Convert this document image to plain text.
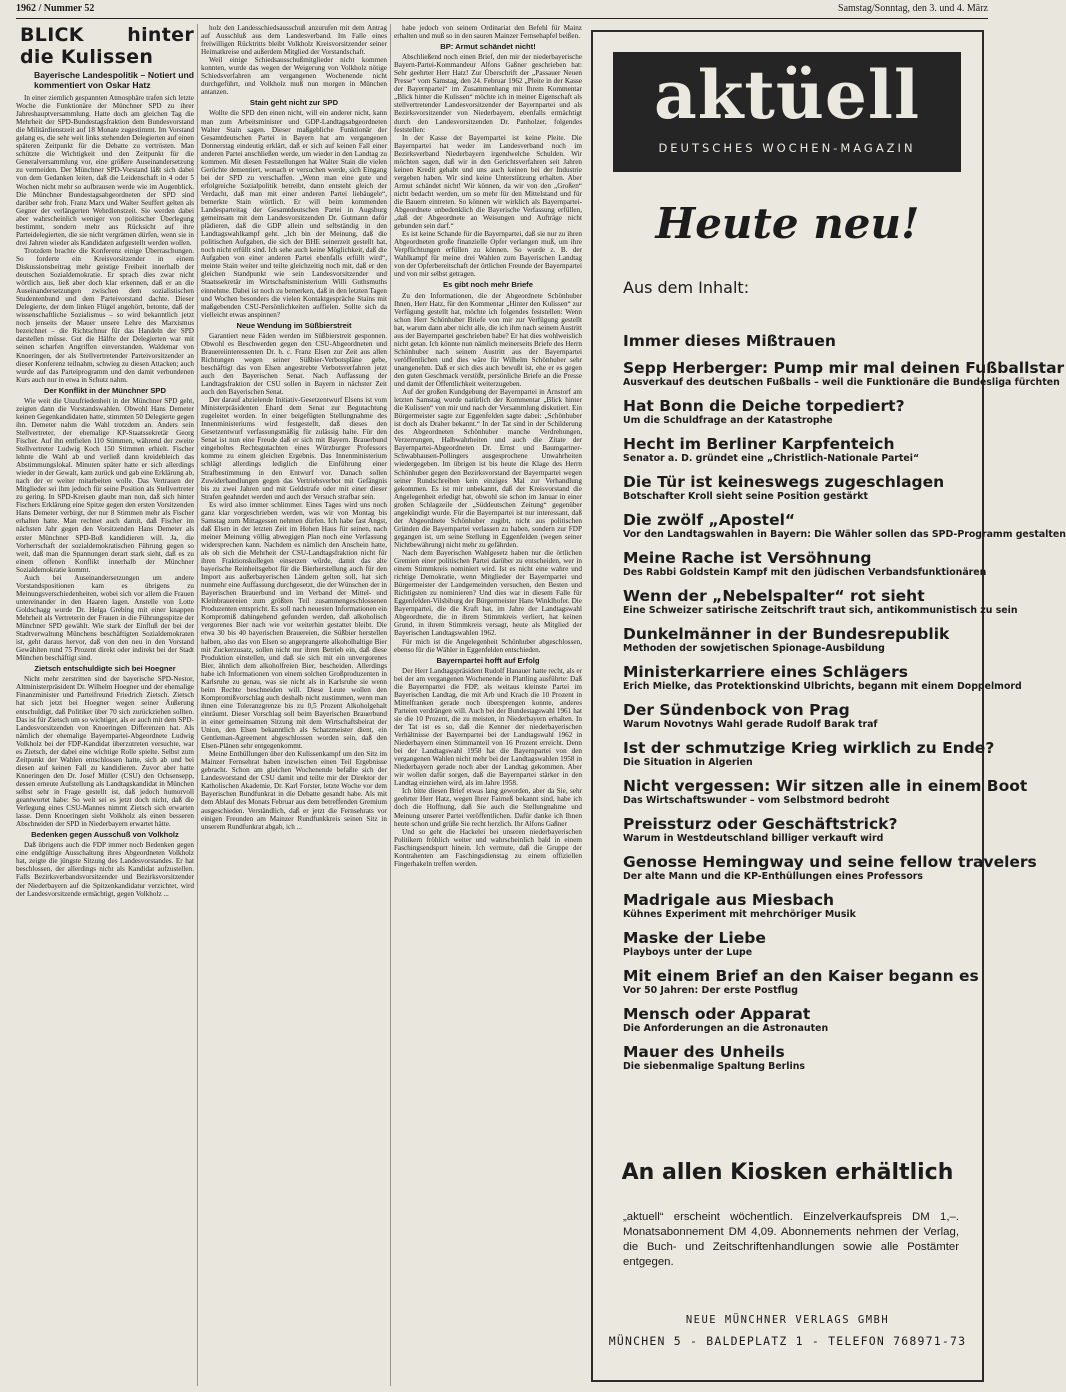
1962 / Nummer 52	Samstag/Sonntag, den 3. und 4. März
BLICK hinter die Kulissen
Bayerische Landespolitik – Notiert und kommentiert von Oskar Hatz

In einer ziemlich gespannten Atmosphäre trafen sich letzte Woche die Funktionäre der Münchner SPD zu ihrer Jahreshauptversammlung. Hatte doch am gleichen Tag die Mehrheit der SPD-Bundestagsfraktion dem Bundesvorstand die Militärdienstzeit auf 18 Monate zugestimmt. Im Vorstand gelang es, die sehr weit links stehenden Delegierten auf einen späteren Zeitpunkt für die Debatte zu vertrösten. Man schützte die Wichtigkeit und den Zeitpunkt für die Generalversammlung vor, eine größere Auseinandersetzung zu vermeiden. Der Münchner SPD-Vorstand läßt sich dabei von dem Gedanken leiten, daß die Leidenschaft in 4 oder 5 Wochen nicht mehr so aufbrausen werde wie im Augenblick. Die Münchner Bundestagsabgeordneten der SPD sind darüber sehr froh. Franz Marx und Walter Seuffert gelten als Gegner der verlängerten Wehrdienstzeit. Sie werden dabei aber wahrscheinlich weniger von politischer Überlegung bestimmt, sondern mehr aus Rücksicht auf ihre Parteidelegierten, die sie nicht vergrämen dürfen, wenn sie in drei Jahren wieder als Kandidaten aufgestellt werden wollen.

Trotzdem brachte die Konferenz einige Überraschungen. So forderte ein Kreisvorsitzender in einem Diskussionsbeitrag mehr geistige Freiheit innerhalb der deutschen Sozialdemokratie. Er sprach dies zwar nicht wörtlich aus, ließ aber doch klar erkennen, daß er an die Auseinandersetzungen zwischen dem sozialistischen Studentenbund und dem Parteivorstand dachte. Dieser Delegierte, der dem linken Flügel angehört, betonte, daß der wissenschaftliche Sozialismus – so wird bekanntlich jetzt noch jenseits der Mauer unsere Lehre des Marxismus bezeichnet – die Richtschnur für das Handeln der SPD darstellen müsse. Gut die Hälfte der Delegierten war mit seinen scharfen Angriffen einverstanden. Waldemar von Knoeringen, der als Stellvertretender Parteivorsitzender an dieser Konferenz teilnahm, schwieg zu diesen Attacken; auch wurde auf das Parteiprogramm und den damit verbundenen Kurs auch nur in etwa in Schutz nahm.

Der Konflikt in der Münchner SPD

Wie weit die Unzufriedenheit in der Münchner SPD geht, zeigten dann die Vorstandswahlen. Obwohl Hans Demeter keinen Gegenkandidaten hatte, stimmten 50 Delegierte gegen ihn. Demeter nahm die Wahl trotzdem an. Anders sein Stellvertreter, der ehemalige KP-Staatssekretär Georg Fischer. Auf ihn entfielen 110 Stimmen, während der zweite Stellvertreter Ludwig Koch 150 Stimmen erhielt. Fischer lehnte die Wahl ab und verließ dann kreidebleich das Abstimmungslokal. Minuten später hatte er sich allerdings wieder in der Gewalt, kam zurück und gab eine Erklärung ab, nach der er weiter mitarbeiten wolle. Das Vertrauen der Mitglieder sei ihm jedoch für seine Position als Stellvertreter zu gering. In SPD-Kreisen glaubt man nun, daß sich hinter Fischers Erklärung eine Spitze gegen den ersten Vorsitzenden Hans Demeter verbirgt, der nur 8 Stimmen mehr als Fischer erhalten hatte. Man rechnet auch damit, daß Fischer im nächsten Jahr gegen den Vorsitzenden Hans Demeter als erster Münchner SPD-Boß kandidieren will. Ja, die Vorherrschaft der sozialdemokratischen Führung gegen so weit, daß man die Spannungen derart stark sieht, daß es zu einem offenen Konflikt innerhalb der Münchner Sozialdemokratie kommt.

Auch bei Auseinandersetzungen um andere Vorstandspositionen kam es übrigens zu Meinungsverschiedenheiten, wobei sich vor allem die Frauen untereinander in den Haaren lagen. Anstelle von Lotte Goldschagg wurde Dr. Helga Grebing mit einer knappen Mehrheit als Vertreterin der Frauen in die Führungsspitze der Münchner SPD gewählt. Wie stark der Einfluß der bei der Stadtverwaltung Münchens beschäftigten Sozialdemokraten ist, geht daraus hervor, daß von den neu in den Vorstand Gewählten rund 75 Prozent direkt oder indirekt bei der Stadt München beschäftigt sind.

Zietsch entschuldigte sich bei Hoegner

Nicht mehr zerstritten sind der bayerische SPD-Nestor, Altministerpräsident Dr. Wilhelm Hoegner und der ehemalige Finanzminister und Parteifreund Friedrich Zietsch. Zietsch hat sich jetzt bei Hoegner wegen seiner Äußerung entschuldigt, daß Politiker über 70 sich zurückziehen sollten. Das ist für Zietsch um so wichtiger, als er auch mit dem SPD-Landesvorsitzenden von Knoeringen Differenzen hat. Als nämlich der ehemalige Bayernpartei-Abgeordnete Ludwig Volkholz bei der FDP-Kandidat überzutreten versuchte, war es Zietsch, der dabei eine wichtige Rolle spielte. Selbst zum Zeitpunkt der Wahlen entschlossen hatte, sich ab und bei diesen auf keinen Fall zu kandidieren. Zuvor aber hatte Knoeringen den Dr. Josef Müller (CSU) den Ochsensepp, dessen erneute Aufstellung als Landtagskandidat in München selbst sehr in Frage gestellt ist, daß jedoch humorvoll geantwortet habe: So weit sei es jetzt doch nicht, daß die Verlegung eines CSU-Mannes nimmt Zietsch sich erwarten lasse. Denn Knoeringen sieht Volkholz als einen besseren Abschneiden der SPD in Niederbayern erwartet hätte.

Bedenken gegen Ausschuß von Volkholz

Daß übrigens auch die FDP immer noch Bedenken gegen eine endgültige Ausschaltung ihres Abgeordneten Volkholz hat, zeigte die jüngste Sitzung des Landesvorstandes. Er hat beschlossen, der allerdings nicht als Kandidat aufzustellen. Falls Bezirksverbandsvorsitzender und Bezirksvorsitzender der Niederbayern auf die Spitzenkandidatur verzichtet, wird der Landesvorsitzende ermächtigt, gegen Volkholz ...

holz den Landesschiedsausschuß anzurufen mit dem Antrag auf Ausschluß aus dem Landesverband. Im Falle eines freiwilligen Rücktritts bleibt Volkholz Kreisvorsitzender seiner Heimatkreise und außerdem Mitglied der Vorstandschaft.

Weil einige Schiedsausschußmitglieder nicht kommen konnten, wurde das wegen der Weigerung von Volkholz nötige Schiedsverfahren am vergangenen Wochenende nicht durchgeführt, und Volkholz muß nun morgen in München antanzen.

Stain geht nicht zur SPD

Wollte die SPD den einen nicht, will ein anderer nicht, kann man zum Arbeitsminister und GDP-Landtagsabgeordneten Walter Stain sagen. Dieser maßgebliche Funktionär der Gesamtdeutschen Partei in Bayern hat am vergangenen Donnerstag eindeutig erklärt, daß er sich auf keinen Fall einer anderen Partei anschließen werde, um wieder in den Landtag zu kommen. Mit diesen Feststellungen hat Walter Stain die vielen Gerüchte dementiert, wonach er versuchen werde, sich Eingang bei der SPD zu verschaffen. „Wenn man eine gute und erfolgreiche Sozialpolitik betreibt, dann entsteht gleich der Verdacht, daß man mit einer anderen Partei liebäugele“, bemerkte Stain wörtlich. Er will beim kommenden Landesparteitag der Gesamtdeutschen Partei in Augsburg gemeinsam mit dem Landesvorsitzenden Dr. Gutmann dafür plädieren, daß die GDP allein und selbständig in den Landtagswahlkampf geht. „Ich bin der Meinung, daß die politischen Aufgaben, die sich der BHE seinerzeit gestellt hat, noch nicht erfüllt sind. Ich sehe auch keine Möglichkeit, daß die Aufgaben von einer anderen Partei ebenfalls erfüllt wird“, meinte Stain weiter und teilte gleichzeitig noch mit, daß er den gleichen Standpunkt wie sein Landesvorsitzender und Staatssekretär im Wirtschaftsministerium Willi Guthsmuths einnehme. Dabei ist noch zu bemerken, daß in den letzten Tagen und Wochen besonders die vielen Kontaktgespräche Stains mit maßgebenden CSU-Persönlichkeiten auffielen. Sollte sich da vielleicht etwas anspinnen?

Neue Wendung im Süßbierstreit

Garantiert neue Fäden werden im Süßbierstreit gesponnen. Obwohl es Beschwerden gegen den CSU-Abgeordneten und Brauereiinteressenten Dr. h. c. Franz Elsen zur Zeit aus allen Richtungen wegen seiner Süßbier-Verbotspläne gebe, beschäftigt das von Elsen angestrebte Verbotsverfahren jetzt auch den Bayerischen Senat. Nach Auffassung der Landtagsfraktion der CSU sollen in Bayern in nächster Zeit auch den Bayerischen Senat.

Der darauf abzielende Initiativ-Gesetzentwurf Elsens ist vom Ministerpräsidenten Ehard dem Senat zur Begutachtung zugeleitet worden. In einer beigefügten Stellungnahme des Innenministeriums wird festgestellt, daß dieses den Gesetzentwurf verfassungsmäßig für zulässig halte. Für den Senat ist nun eine Freude daß er sich mit Bayern. Brauerbund eingeholtes Rechtsgutachten eines Würzburger Professors komme zu einem gleichen Ergebnis. Das Innenministerium schlägt allerdings lediglich die Einführung einer Strafbestimmung in den Entwurf vor. Danach sollen Zuwiderhandlungen gegen das Vertriebsverbot mit Gefängnis bis zu zwei Jahren und mit Geldstrafe oder mit einer dieser Strafen geahndet werden und auch der Versuch strafbar sein.

Es wird also immer schlimmer. Eines Tages wird uns noch ganz klar vorgeschrieben werden, was wir von Montag bis Samstag zum Mittagessen nehmen dürfen. Ich habe fast Angst, daß Elsen in der letzten Zeit im Hohen Haus für seinen, nach meiner Meinung völlig abwegigen Plan noch eine Verfassung widersprechen kann. Nachdem es nämlich den Anschein hatte, als ob sich die Mehrheit der CSU-Landtagsfraktion nicht für ihren Fraktionskollegen einsetzen würde, damit das alte bayerische Reinheitsgebot für die Bierherstellung auch für den Import aus außerbayerischen Ländern gelten soll, hat sich nunmehr eine Auffassung durchgesetzt, die der Wünschen der in Bayerischen Brauerbund und im Verband der Mittel- und Kleinbrauereien zum größten Teil zusammengeschlossenen Produzenten entspricht. Es soll nach neuesten Informationen ein Kompromiß dahingehend gefunden werden, daß alkoholisch vergorenes Bier nach wie vor weiterhin gestattet bleibt. Die etwa 30 bis 40 bayerischen Brauereien, die Süßbier herstellen halben, also das von Elsen so angeprangerte alkoholhaltige Bier mit Zuckerzusatz, sollen nicht nur ihren Betrieb ein, daß diese Produktion einstellen, und daß sie sich mit ein unvergorenes Bier, ähnlich dem alkoholfreien Bier, bescheiden. Allerdings habe ich Informationen von einem solchen Großproduzenten in Karlsruhe zu genau, was sie nicht als in Karlsruhe sie wenn beim Rechte beschneiden will. Diese Leute wollen den Kompromißvorschlag auch deshalb nicht zustimmen, wenn man ihnen eine Toleranzgrenze bis zu 0,5 Prozent Alkoholgehalt einräumt. Dieser Vorschlag soll beim Bayerischen Brauerbund in einer gemeinsamen Sitzung mit dem Wirtschaftsbeirat der Union, den Elsen bekanntlich als Schatzmeister dient, ein Gentleman-Agreement abgeschlossen worden sein, daß den Elsen-Plänen sehr entgegenkommt.

Meine Enthüllungen über den Kulissenkampf um den Sitz im Mainzer Fernsehrat haben inzwischen einen Teil Ergebnisse gebracht. Schon am gleichen Wochenende befaßte sich der Landesvorstand der CSU damit und teilte mir der Direktor der Katholischen Akademie, Dr. Karl Forster, letzte Woche vor dem Bayerischen Rundfunkrat in die Debatte gesandt habe. Als mit dem Ablauf des Monats Februar aus dem betreffenden Gremium ausgeschieden. Verständlich, daß er jetzt die Fernsehrats vor einigen Freunden am Mainzer Rundfunkkreis seinen Sitz in unserem Rundfunkrat abgab, ich ...

habe jedoch von seinem Ordinariat den Befehl für Mainz erhalten und muß so in den sauren Mainzer Fernsehapfel beißen.

BP: Armut schändet nicht!

Abschließend noch einen Brief, den mir der niederbayerische Bayern-Partei-Kommandeur Alfons Gaßner geschrieben hat: Sehr geehrter Herr Hatz! Zur Überschrift der „Passauer Neuen Presse“ vom Samstag, den 24. Februar 1962 „Pleite in der Kasse der Bayernpartei“ im Zusammenhang mit Ihrem Kommentar „Blick hinter die Kulissen“ möchte ich in meiner Eigenschaft als stellvertretender Landesvorsitzender der Bayernpartei und als Bezirksvorsitzender von Niederbayern, ebenfalls ermächtigt durch den Landesvorsitzenden Dr. Panholzer, folgendes feststellen:

In der Kasse der Bayernpartei ist keine Pleite. Die Bayernpartei hat weder im Landesverband noch im Bezirksverband Niederbayern irgendwelche Schulden. Wir möchten sagen, daß wir in den Gerichtsverfahren seit Jahren keinen Kredit gehabt und uns auch keinen bei der Industrie vergeben haben. Wir sind keine Unterstützung erhalten. Aber Armut schändet nicht! Wir können, da wir von den „Großen“ nicht bedacht werden, um so mehr für den Mittelstand und für die Bauern eintreten. So können wir wirklich als Bayernpartei-Abgeordnete unbedenklich die Bayerische Verfassung erfüllen, „daß der Abgeordnete an Weisungen und Aufträge nicht gebunden sein darf.“

Es ist keine Schande für die Bayernpartei, daß sie nur zu ihren Abgeordneten große finanzielle Opfer verlangen muß, um ihre Verpflichtungen erfüllen zu können. So wurde z. B. der Wahlkampf für meine drei Wahlen zum Bayerischen Landtag von der Opferbereitschaft der örtlichen Freunde der Bayernpartei und von mir selbst getragen.

Es gibt noch mehr Briefe

Zu den Informationen, die der Abgeordnete Schönhuber Ihnen, Herr Hatz, für den Kommentar „Hinter den Kulissen“ zur Verfügung gestellt hat, möchte ich folgendes feststellen: Wenn schon Herr Schönhuber Briefe von mir zur Verfügung gestellt hat, warum dann aber nicht alle, die ich ihm nach seinem Austritt aus der Bayernpartei geschrieben habe? Er hat dies wohlweislich nicht getan. Ich könnte nun nämlich meinerseits Briefe des Herrn Schönhuber nach seinem Austritt aus der Bayernpartei veröffentlichen und dies wäre für Wilhelm Schönhuber sehr unangenehm. Daß er sich dies auch bewußt ist, ehe er es gegen den guten Geschmack verstößt, persönliche Briefe an die Presse und damit der Öffentlichkeit weiterzugeben.

Auf der großen Kundgebung der Bayernpartei in Arnstorf am letzten Samstag wurde natürlich der Kommentar „Blick hinter die Kulissen“ von mir und nach der Versammlung diskutiert. Ein Bürgermeister sagte zur Eggenfelden sagte dabei: „Schönhuber ist doch als Draher bekannt.“ In der Tat sind in der Schilderung des Abgeordneten Schönhuber manche Verdrehungen, Verzerrungen, Halbwahrheiten und auch die Zitate der Bayernpartei-Abgeordneten Dr. Ernst und Baumgartner-Schwabhausen-Pollingers ausgesprochene Unwahrheiten wiedergegeben. Im übrigen ist bis heute die Klage des Herrn Schönhuber gegen den Bezirksvorstand der Bayernpartei wegen seiner Rundschreiben kein einziges Mal zur Verhandlung gekommen. Es ist mir unbekannt, daß der Kreisvorstand die Angelegenheit erledigt hat, obwohl sie schon im Januar in einer großen Schlagzeile der „Süddeutschen Zeitung“ gegenüber angekündigt wurde. Für die Bayernpartei ist nur interessant, daß der Abgeordnete Schönhuber zugibt, nicht aus politischen Gründen die Bayernpartei verlassen zu haben, sondern zur FDP gegangen ist, um seine Stellung in Eggenfelden (wegen seiner Nichtbewährung) nicht mehr zu gefährden.

Nach dem Bayerischen Wahlgesetz haben nur die örtlichen Gremien einer politischen Partei darüber zu entscheiden, wer in einem Stimmkreis nominiert wird. Ist es nicht eine wahre und richtige Demokratie, wenn Mitglieder der Bayernpartei und Bürgermeister der Landgemeinden versuchen, den Besten und Richtigsten zu nominieren? Und dies war in diesem Falle für Eggenfelden-Vilsbiburg der Bürgermeister Hans Winklhofer. Die Bayernpartei, die die Kraft hat, im Jahre der Landtagswahl Abgeordnete, die in ihrem Stimmkreis verliert, hat keinen Grund, in ihrem Stimmkreis versagt, heute als Mitglied der Bayerischen Landtagswahlen 1962.

Für mich ist die Angelegenheit Schönhuber abgeschlossen, ebenso für die Wähler in Eggenfelden entschieden.

Bayernpartei hofft auf Erfolg

Der Herr Landtagspräsident Rudolf Hanauer hatte recht, als er bei der am vergangenen Wochenende in Plattling ausführte: Daß die Bayernpartei die FDP, als weitaus kleinste Partei im Bayerischen Landtag, die mit Arb und Krach die 10 Prozent in Mittelfranken gerade noch übersprengen konnte, anderes Parteien verdrängen will. Auch bei der Bundestagswahl 1961 hat sie die 10 Prozent, die zu meisten, in Niederbayern erhalten. In der Tat ist es so, daß die Kenner der niederbayerischen Verhältnisse der Bayernpartei bei der Landtagswahl 1962 in Niederbayern einen Stimmanteil von 16 Prozent erreicht. Denn bei der Landtagswahl 1958 hat die Bayernpartei von den vergangenen Wahlen nicht mehr bei der Landtagswahlen 1958 in Niederbayern gerade noch aber der Landtag gekommen. Aber wir wollen dafür sorgen, daß die Bayernpartei stärker in den Landtag einziehen wird, als im Jahre 1958.

Ich bitte diesen Brief etwas lang geworden, aber da Sie, sehr geehrter Herr Hatz, wegen Ihrer Fairneß bekannt sind, habe ich doch die Hoffnung, daß Sie auch die Stellungnahme und Meinung unserer Partei veröffentlichen. Dafür danke ich Ihnen heute schon und grüße Sie recht herzlich. Ihr Alfons Gaßner

Und so geht die Hackelei bei unseren niederbayerischen Politikern fröhlich weiter und wahrscheinlich bald in einem Faschingsendspurt hinein. Ich vermute, daß die Gruppe der Kontrahenten am Faschingsdienstag zu einem offiziellen Fingerhakeln treffen werden.

aktüell
DEUTSCHES WOCHEN-MAGAZIN
Heute neu!
Aus dem Inhalt:
Immer dieses Mißtrauen
Sepp Herberger: Pump mir mal deinen Fußballstar
Ausverkauf des deutschen Fußballs – weil die Funktionäre die Bundesliga fürchten
Hat Bonn die Deiche torpediert?
Um die Schuldfrage an der Katastrophe
Hecht im Berliner Karpfenteich
Senator a. D. gründet eine „Christlich-Nationale Partei“
Die Tür ist keineswegs zugeschlagen
Botschafter Kroll sieht seine Position gestärkt
Die zwölf „Apostel“
Vor den Landtagswahlen in Bayern: Die Wähler sollen das SPD-Programm gestalten
Meine Rache ist Versöhnung
Des Rabbi Goldstein Kampf mit den jüdischen Verbandsfunktionären
Wenn der „Nebelspalter“ rot sieht
Eine Schweizer satirische Zeitschrift traut sich, antikommunistisch zu sein
Dunkelmänner in der Bundesrepublik
Methoden der sowjetischen Spionage-Ausbildung
Ministerkarriere eines Schlägers
Erich Mielke, das Protektionskind Ulbrichts, begann mit einem Doppelmord
Der Sündenbock von Prag
Warum Novotnys Wahl gerade Rudolf Barak traf
Ist der schmutzige Krieg wirklich zu Ende?
Die Situation in Algerien
Nicht vergessen: Wir sitzen alle in einem Boot
Das Wirtschaftswunder – vom Selbstmord bedroht
Preissturz oder Geschäftstrick?
Warum in Westdeutschland billiger verkauft wird
Genosse Hemingway und seine fellow travelers
Der alte Mann und die KP-Enthüllungen eines Professors
Madrigale aus Miesbach
Kühnes Experiment mit mehrchöriger Musik
Maske der Liebe
Playboys unter der Lupe
Mit einem Brief an den Kaiser begann es
Vor 50 Jahren: Der erste Postflug
Mensch oder Apparat
Die Anforderungen an die Astronauten
Mauer des Unheils
Die siebenmalige Spaltung Berlins
An allen Kiosken erhältlich
„aktuell“ erscheint wöchentlich. Einzelverkaufspreis DM 1,–. Monatsabonnement DM 4,09. Abonnements nehmen der Verlag, die Buch- und Zeitschriftenhandlungen sowie alle Postämter entgegen.
NEUE MÜNCHNER VERLAGS GMBH
MÜNCHEN 5 - BALDEPLATZ 1 - TELEFON 768971-73
